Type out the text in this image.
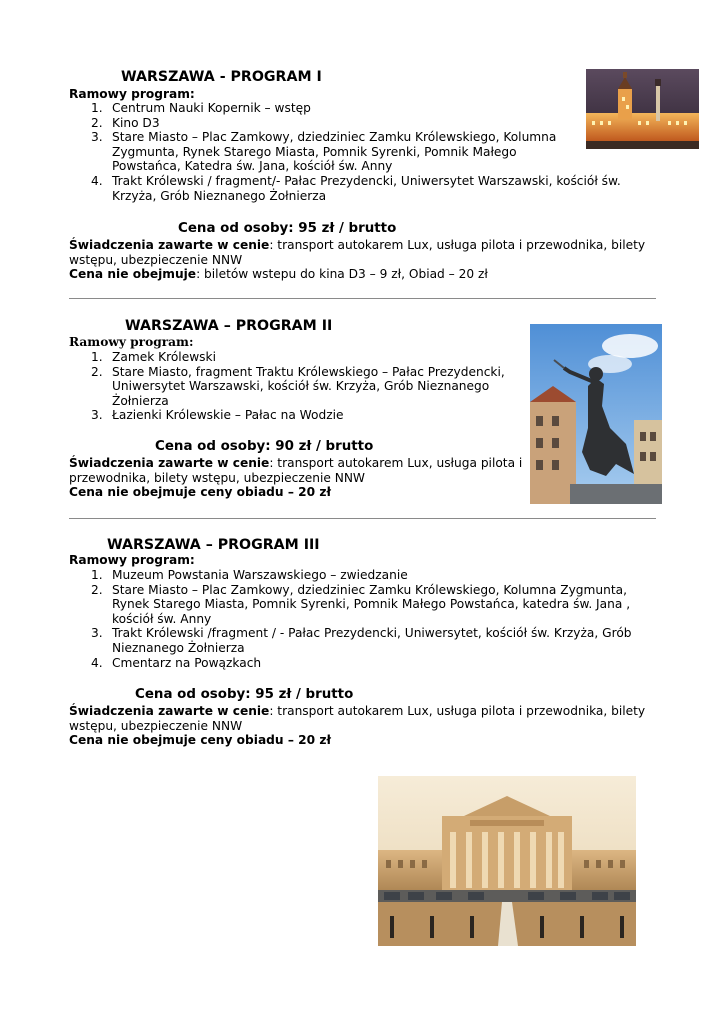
WARSZAWA - PROGRAM I
Ramowy program:
1. Centrum Nauki Kopernik – wstęp
2. Kino D3
3. Stare Miasto – Plac Zamkowy, dziedziniec Zamku Królewskiego, Kolumna
Zygmunta, Rynek Starego Miasta, Pomnik Syrenki, Pomnik Małego
Powstańca, Katedra św. Jana, kościół św. Anny
4. Trakt Królewski / fragment/- Pałac Prezydencki, Uniwersytet Warszawski, kościół św.
Krzyża, Grób Nieznanego Żołnierza
Cena od osoby: 95 zł / brutto
Świadczenia zawarte w cenie: transport autokarem Lux, usługa pilota i przewodnika, bilety
wstępu, ubezpieczenie NNW
Cena nie obejmuje: biletów wstepu do kina D3 – 9 zł, Obiad – 20 zł
WARSZAWA – PROGRAM II
Ramowy program:
1. Zamek Królewski
2. Stare Miasto, fragment Traktu Królewskiego – Pałac Prezydencki,
Uniwersytet Warszawski, kościół św. Krzyża, Grób Nieznanego
Żołnierza
3. Łazienki Królewskie – Pałac na Wodzie
Cena od osoby: 90 zł / brutto
Świadczenia zawarte w cenie: transport autokarem Lux, usługa pilota i
przewodnika, bilety wstępu, ubezpieczenie NNW
Cena nie obejmuje ceny obiadu – 20 zł
WARSZAWA – PROGRAM III
Ramowy program:
1. Muzeum Powstania Warszawskiego – zwiedzanie
2. Stare Miasto – Plac Zamkowy, dziedziniec Zamku Królewskiego, Kolumna Zygmunta,
Rynek Starego Miasta, Pomnik Syrenki, Pomnik Małego Powstańca, katedra św. Jana ,
kościół św. Anny
3. Trakt Królewski /fragment / - Pałac Prezydencki, Uniwersytet, kościół św. Krzyża, Grób
Nieznanego Żołnierza
4. Cmentarz na Powązkach
Cena od osoby: 95 zł / brutto
Świadczenia zawarte w cenie: transport autokarem Lux, usługa pilota i przewodnika, bilety
wstępu, ubezpieczenie NNW
Cena nie obejmuje ceny obiadu – 20 zł
